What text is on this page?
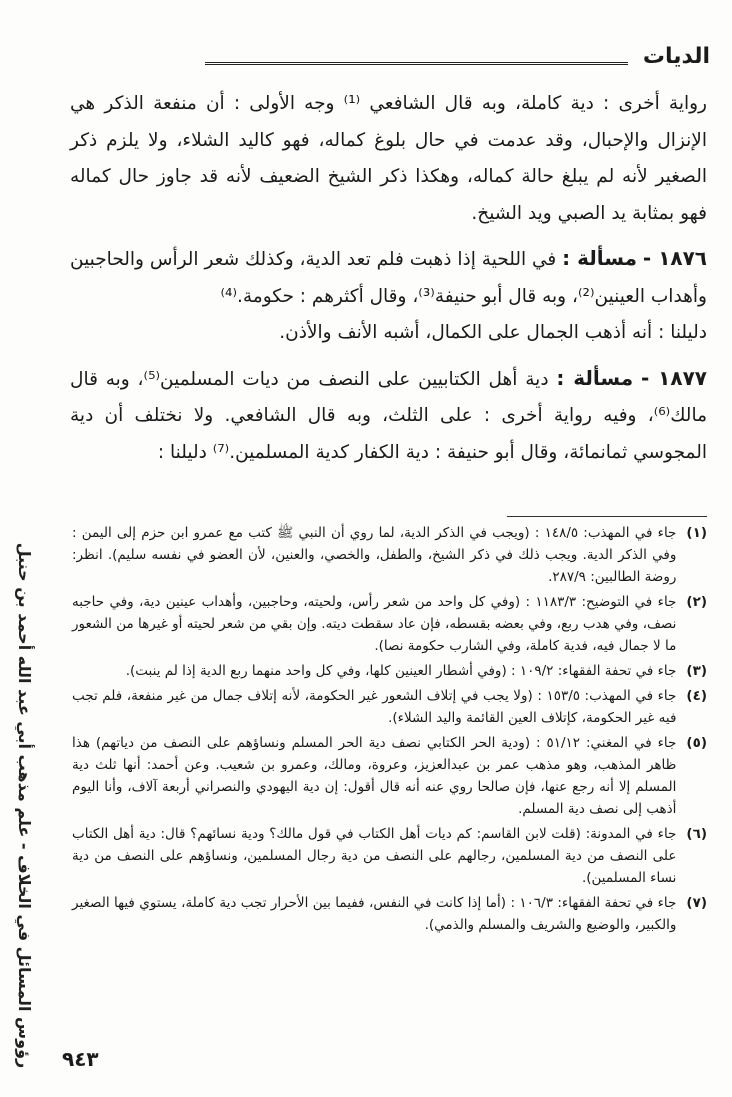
الديات
رؤوس المسائل في الخلاف - علم مذهب أبي عبد الله أحمد بن حنبل

رواية أخرى : دية كاملة، وبه قال الشافعي ⁽¹⁾ وجه الأولى : أن منفعة الذكر هي الإنزال والإحبال، وقد عدمت في حال بلوغ كماله، فهو كاليد الشلاء، ولا يلزم ذكر الصغير لأنه لم يبلغ حالة كماله، وهكذا ذكر الشيخ الضعيف لأنه قد جاوز حال كماله فهو بمثابة يد الصبي ويد الشيخ.

١٨٧٦ - مسألة : في اللحية إذا ذهبت فلم تعد الدية، وكذلك شعر الرأس والحاجبين وأهداب العينين⁽²⁾، وبه قال أبو حنيفة⁽³⁾، وقال أكثرهم : حكومة.⁽⁴⁾

دليلنا : أنه أذهب الجمال على الكمال، أشبه الأنف والأذن.

١٨٧٧ - مسألة : دية أهل الكتابيين على النصف من ديات المسلمين⁽⁵⁾، وبه قال مالك⁽⁶⁾، وفيه رواية أخرى : على الثلث، وبه قال الشافعي. ولا نختلف أن دية المجوسي ثمانمائة، وقال أبو حنيفة : دية الكفار كدية المسلمين.⁽⁷⁾ دليلنا :

(١)
جاء في المهذب: ١٤٨/٥ : (ويجب في الذكر الدية، لما روي أن النبي ﷺ كتب مع عمرو ابن حزم إلى اليمن : وفي الذكر الدية. ويجب ذلك في ذكر الشيخ، والطفل، والخصي، والعنين، لأن العضو في نفسه سليم). انظر: روضة الطالبين: ٢٨٧/٩.
(٢)
جاء في التوضيح: ١١٨٣/٣ : (وفي كل واحد من شعر رأس، ولحيته، وحاجبين، وأهداب عينين دية، وفي حاجبه نصف، وفي هدب ربع، وفي بعضه بقسطه، فإن عاد سقطت ديته. وإن بقي من شعر لحيته أو غيرها من الشعور ما لا جمال فيه، فدية كاملة، وفي الشارب حكومة نصا).
(٣)
جاء في تحفة الفقهاء: ١٠٩/٢ : (وفي أشطار العينين كلها، وفي كل واحد منهما ربع الدية إذا لم ينبت).
(٤)
جاء في المهذب: ١٥٣/٥ : (ولا يجب في إتلاف الشعور غير الحكومة، لأنه إتلاف جمال من غير منفعة، فلم تجب فيه غير الحكومة، كإتلاف العين القائمة واليد الشلاء).
(٥)
جاء في المغني: ٥١/١٢ : (ودية الحر الكتابي نصف دية الحر المسلم ونساؤهم على النصف من دياتهم) هذا ظاهر المذهب، وهو مذهب عمر بن عبدالعزيز، وعروة، ومالك، وعمرو بن شعيب. وعن أحمد: أنها ثلث دية المسلم إلا أنه رجع عنها، فإن صالحا روي عنه أنه قال أقول: إن دية اليهودي والنصراني أربعة آلاف، وأنا اليوم أذهب إلى نصف دية المسلم.
(٦)
جاء في المدونة: (قلت لابن القاسم: كم ديات أهل الكتاب في قول مالك؟ ودية نسائهم؟ قال: دية أهل الكتاب على النصف من دية المسلمين، رجالهم على النصف من دية رجال المسلمين، ونساؤهم على النصف من دية نساء المسلمين).
(٧)
جاء في تحفة الفقهاء: ١٠٦/٣ : (أما إذا كانت في النفس، ففيما بين الأحرار تجب دية كاملة، يستوي فيها الصغير والكبير، والوضيع والشريف والمسلم والذمي).
٩٤٣
